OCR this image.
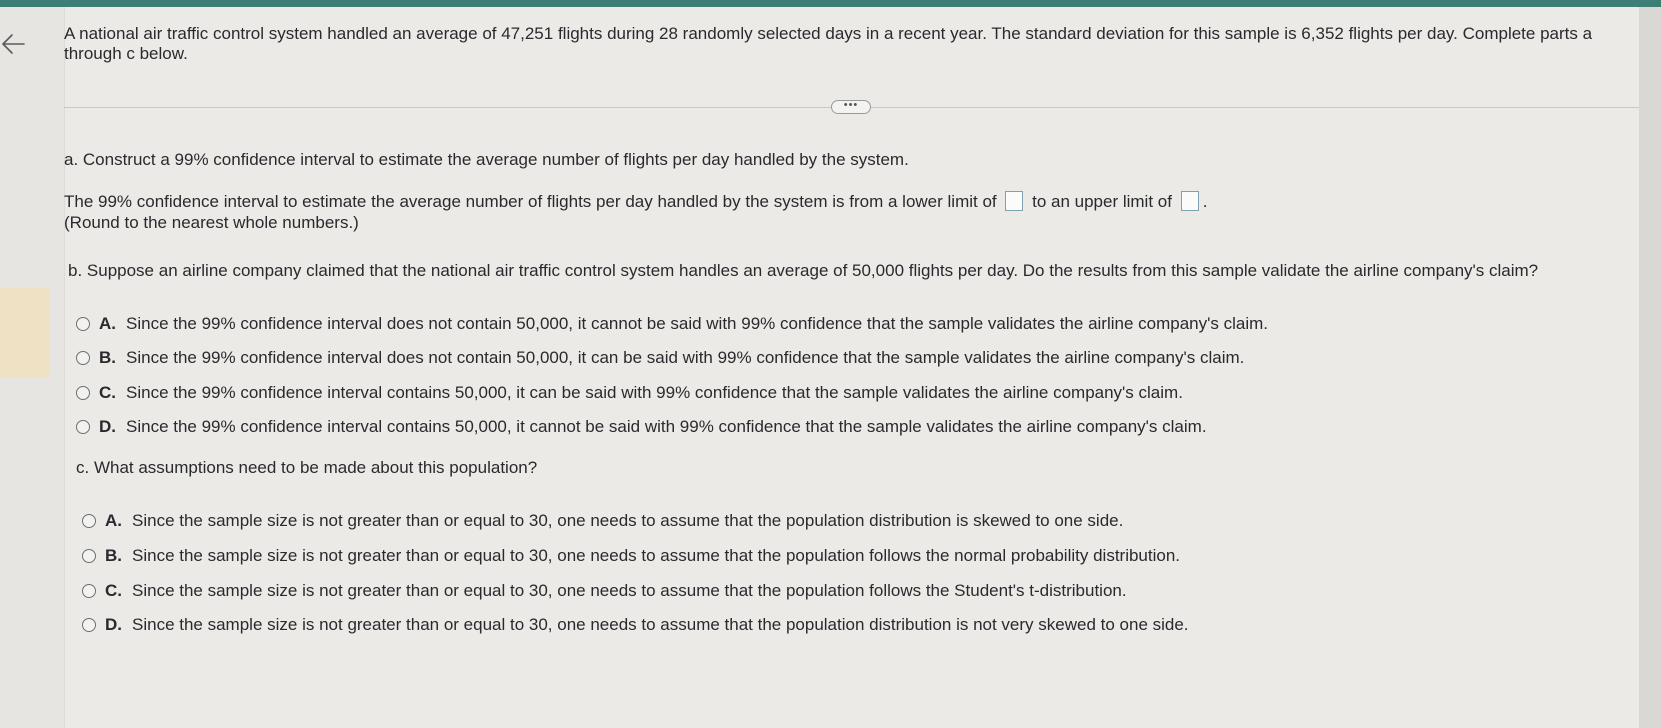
A national air traffic control system handled an average of 47,251 flights during 28 randomly selected days in a recent year. The standard deviation for this sample is 6,352 flights per day. Complete parts a through c below.
•••
a. Construct a 99% confidence interval to estimate the average number of flights per day handled by the system.
The 99% confidence interval to estimate the average number of flights per day handled by the system is from a lower limit of to an upper limit of .
(Round to the nearest whole numbers.)
b. Suppose an airline company claimed that the national air traffic control system handles an average of 50,000 flights per day. Do the results from this sample validate the airline company's claim?
A. Since the 99% confidence interval does not contain 50,000, it cannot be said with 99% confidence that the sample validates the airline company's claim.
B. Since the 99% confidence interval does not contain 50,000, it can be said with 99% confidence that the sample validates the airline company's claim.
C. Since the 99% confidence interval contains 50,000, it can be said with 99% confidence that the sample validates the airline company's claim.
D. Since the 99% confidence interval contains 50,000, it cannot be said with 99% confidence that the sample validates the airline company's claim.
c. What assumptions need to be made about this population?
A. Since the sample size is not greater than or equal to 30, one needs to assume that the population distribution is skewed to one side.
B. Since the sample size is not greater than or equal to 30, one needs to assume that the population follows the normal probability distribution.
C. Since the sample size is not greater than or equal to 30, one needs to assume that the population follows the Student's t-distribution.
D. Since the sample size is not greater than or equal to 30, one needs to assume that the population distribution is not very skewed to one side.
